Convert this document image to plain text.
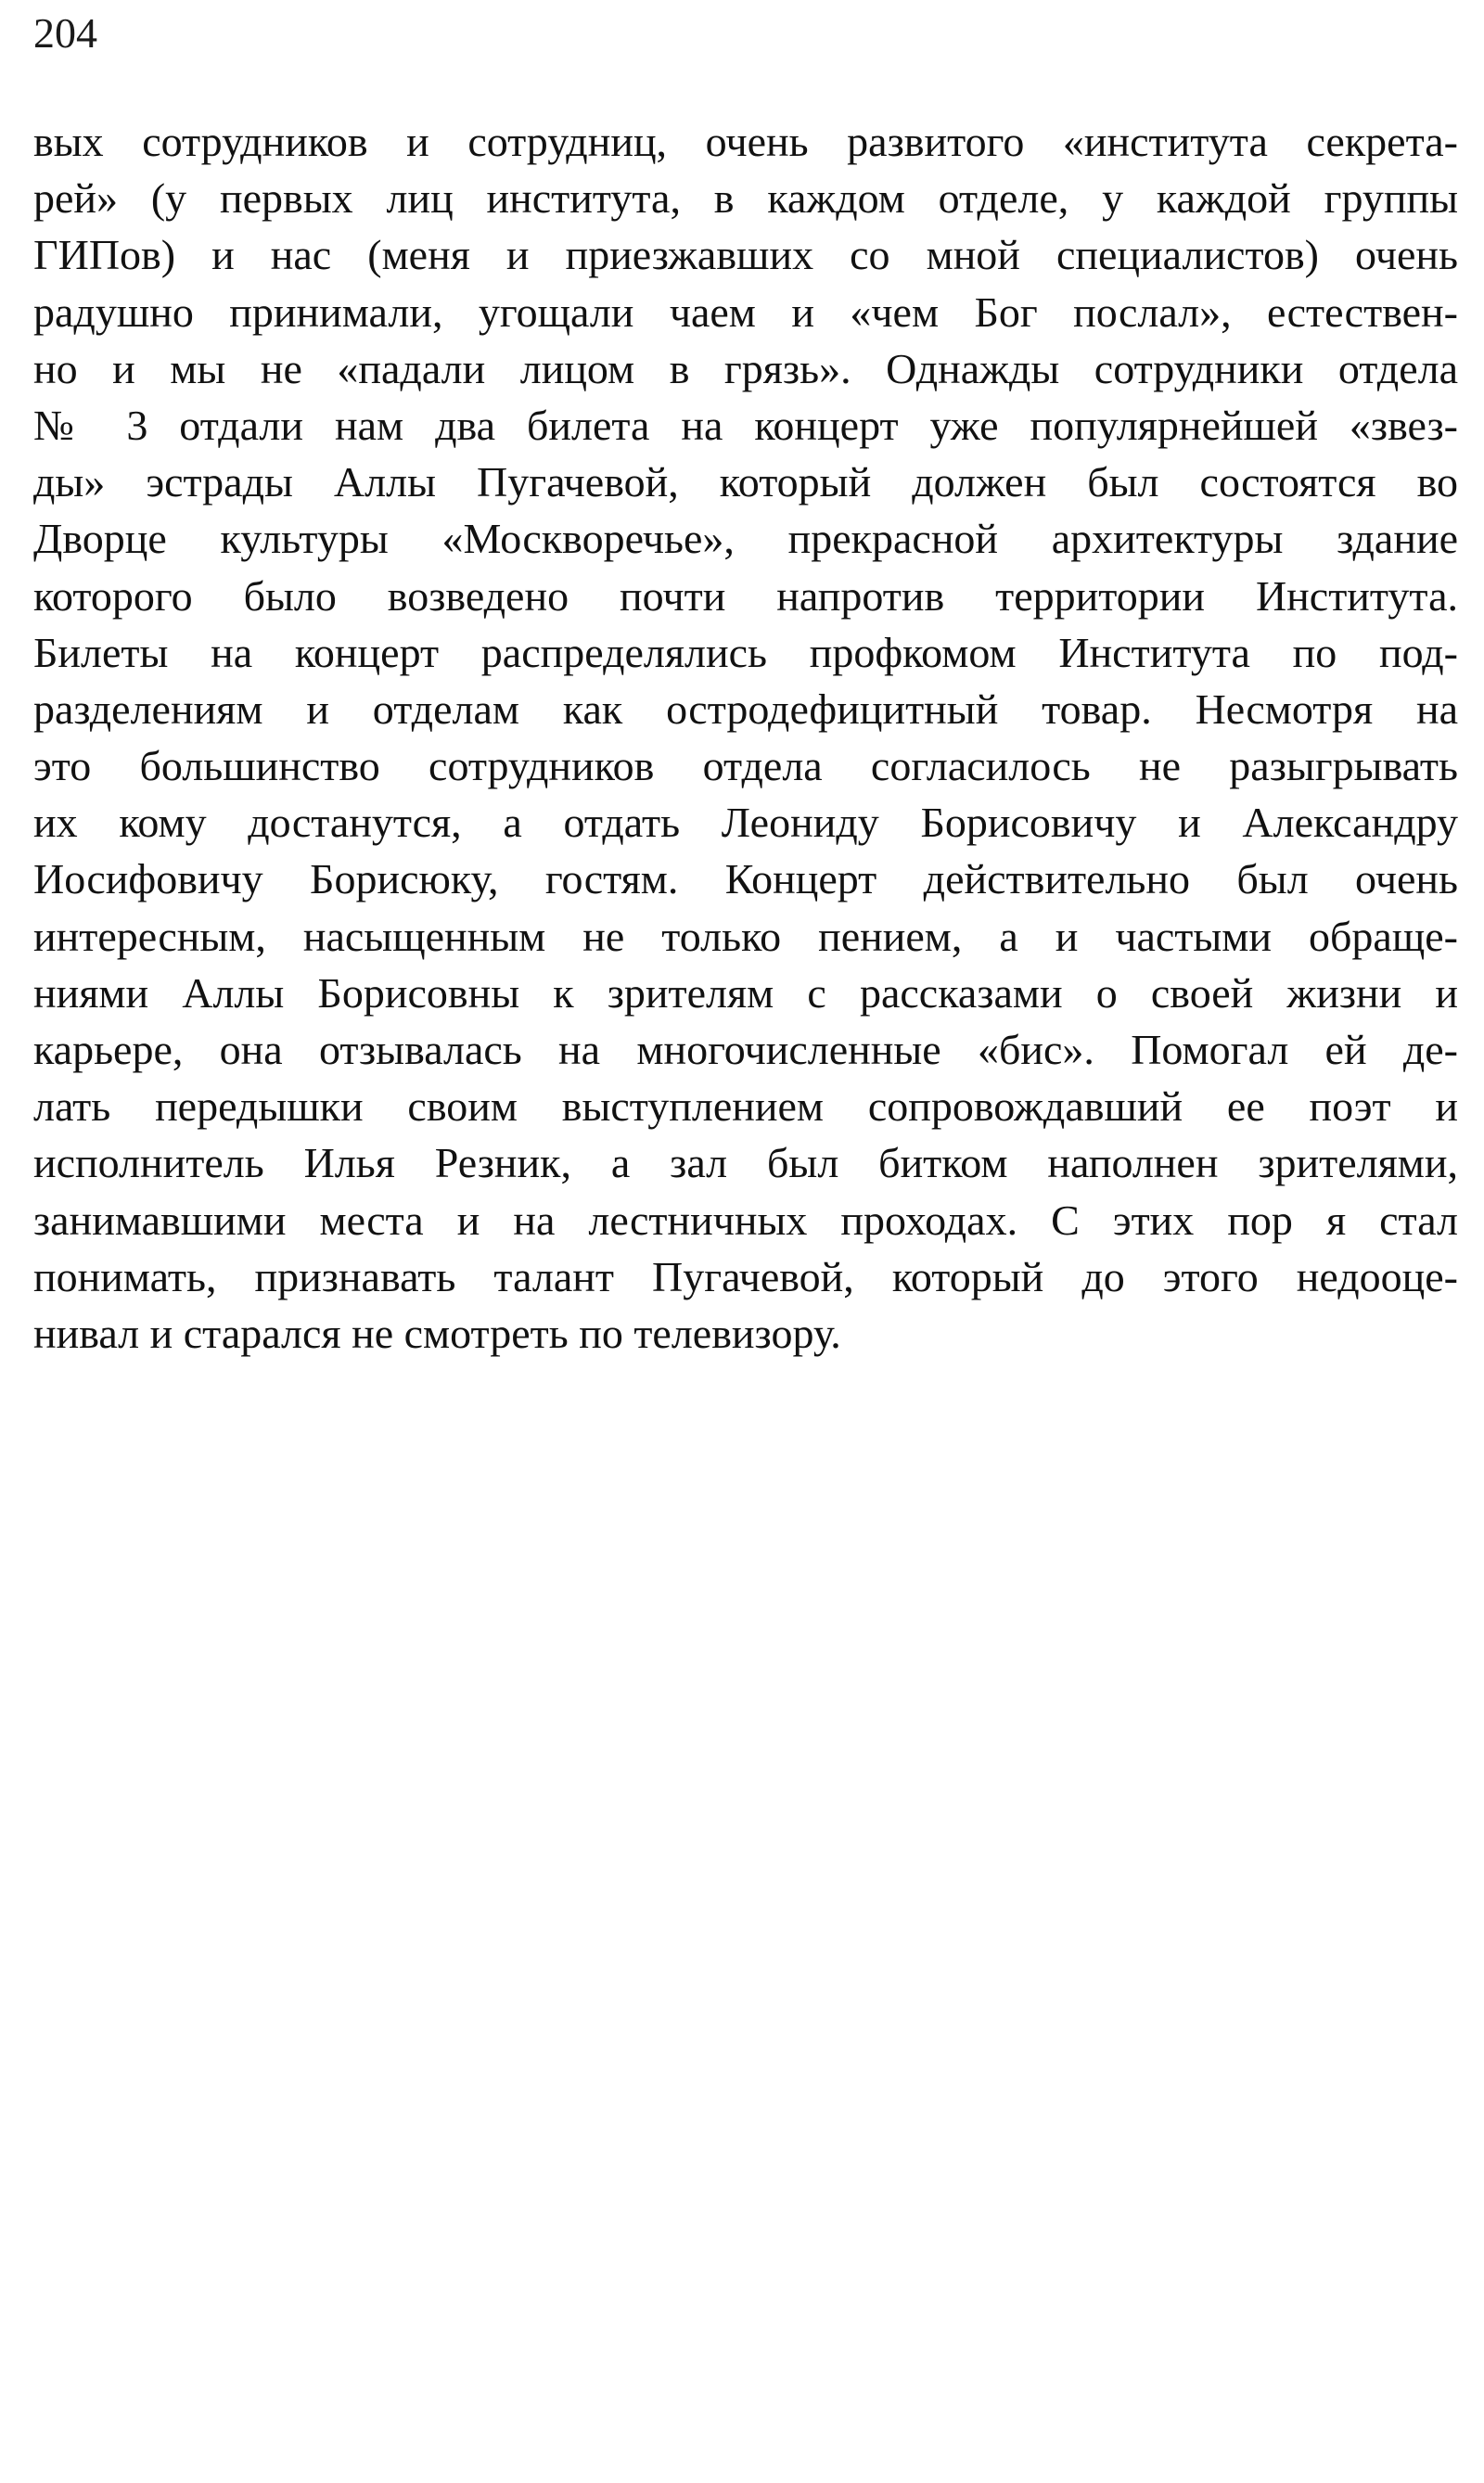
204
вых сотрудников и сотрудниц, очень развитого «института секрета-
рей» (у первых лиц института, в каждом отделе, у каждой группы
ГИПов) и нас (меня и приезжавших со мной специалистов) очень
радушно принимали, угощали чаем и «чем Бог послал», естествен-
но и мы не «падали лицом в грязь». Однажды сотрудники отдела
№ 3 отдали нам два билета на концерт уже популярнейшей «звез-
ды» эстрады Аллы Пугачевой, который должен был состоятся во
Дворце культуры «Москворечье», прекрасной архитектуры здание
которого было возведено почти напротив территории Института.
Билеты на концерт распределялись профкомом Института по под-
разделениям и отделам как остродефицитный товар. Несмотря на
это большинство сотрудников отдела согласилось не разыгрывать
их кому достанутся, а отдать Леониду Борисовичу и Александру
Иосифовичу Борисюку, гостям. Концерт действительно был очень
интересным, насыщенным не только пением, а и частыми обраще-
ниями Аллы Борисовны к зрителям с рассказами о своей жизни и
карьере, она отзывалась на многочисленные «бис». Помогал ей де-
лать передышки своим выступлением сопровождавший ее поэт и
исполнитель Илья Резник, а зал был битком наполнен зрителями,
занимавшими места и на лестничных проходах. С этих пор я стал
понимать, признавать талант Пугачевой, который до этого недооце-
нивал и старался не смотреть по телевизору.
